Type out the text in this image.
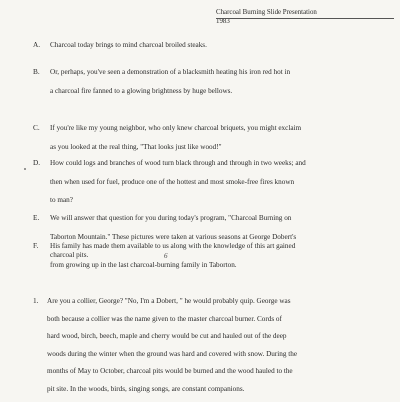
Charcoal Burning Slide Presentation
1983
A. Charcoal today brings to mind charcoal broiled steaks.
B. Or, perhaps, you've seen a demonstration of a blacksmith heating his iron red hot in
a charcoal fire fanned to a glowing brightness by huge bellows.
C. If you're like my young neighbor, who only knew charcoal briquets, you might exclaim
as you looked at the real thing, "That looks just like wood!"
D. How could logs and branches of wood turn black through and through in two weeks; and
then when used for fuel, produce one of the hottest and most smoke-free fires known
to man?
E. We will answer that question for you during today's program, "Charcoal Burning on
Taborton Mountain." These pictures were taken at various seasons at George Dobert's
charcoal pits.
F. His family has made them available to us along with the knowledge of this art gained
from growing up in the last charcoal-burning family in Taborton.
6
1. Are you a collier, George? "No, I'm a Dobert, " he would probably quip. George was
both because a collier was the name given to the master charcoal burner. Cords of
hard wood, birch, beech, maple and cherry would be cut and hauled out of the deep
woods during the winter when the ground was hard and covered with snow. During the
months of May to October, charcoal pits would be burned and the wood hauled to the
pit site. In the woods, birds, singing songs, are constant companions.
